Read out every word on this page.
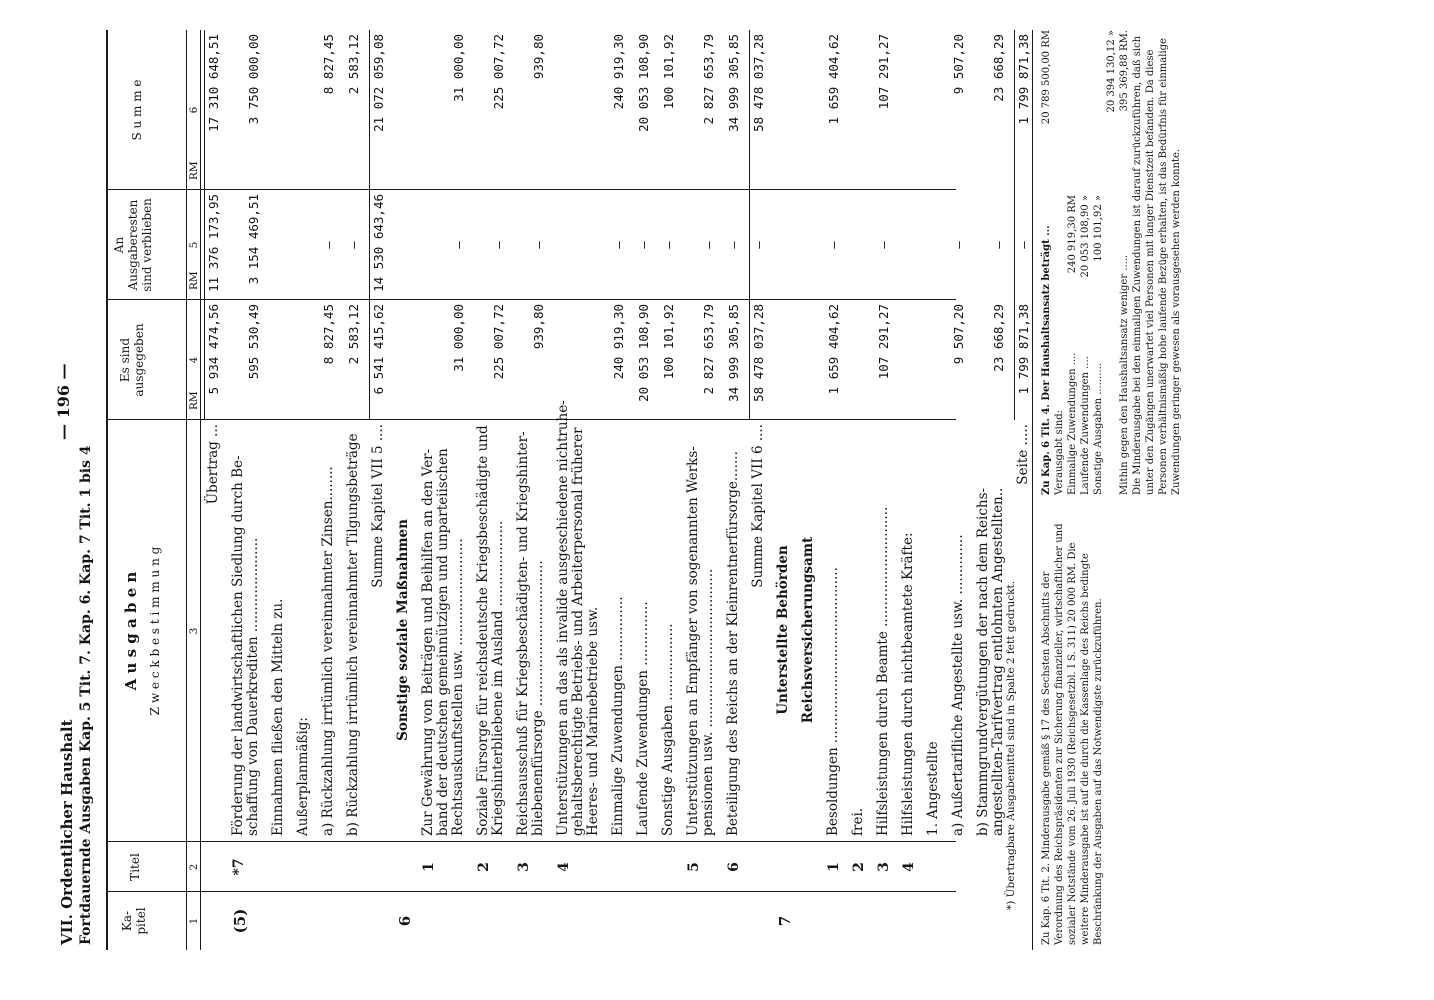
VII. Ordentlicher Haushalt
— 196 —
Fortdauernde Ausgaben Kap. 5 Tit. 7. Kap. 6. Kap. 7 Tit. 1 bis 4 Ka-
pitel
Titel
A u s g a b e n Z w e c k b e s t i m m u n g
Es sind
ausgegeben
An
Ausgaberesten
sind verblieben
S u m m e
1
2
3
4
5
6
RM
RM
RM
Übertrag ...
5 934 474,56
11 376 173,95
17 310 648,51
(5)
*7
Förderung der landwirtschaftlichen Siedlung durch Be-
schaffung von Dauerkrediten ......................
595 530,49
3 154 469,51
3 750 000,00
Einnahmen fließen den Mitteln zu. Außerplanmäßig: a) Rückzahlung irrtümlich vereinnahmter Zinsen........
8 827,45
—
8 827,45
b) Rückzahlung irrtümlich vereinnahmter Tilgungsbeträge
2 583,12
—
2 583,12
Summe Kapitel VII 5 ....
6 541 415,62
14 530 643,46
21 072 059,08
6
Sonstige soziale Maßnahmen
1
Zur Gewährung von Beiträgen und Beihilfen an den Ver-
band der deutschen gemeinnützigen und unparteiischen
Rechtsauskunftstellen usw. .........................
31 000,00
—
31 000,00
2
Soziale Fürsorge für reichsdeutsche Kriegsbeschädigte und
Kriegshinterbliebene im Ausland ....................
225 007,72
—
225 007,72
3
Reichsausschuß für Kriegsbeschädigten- und Kriegshinter-
bliebenenfürsorge ..................................
939,80
—
939,80
4
Unterstützungen an das als invalide ausgeschiedene nichtruhe-
gehaltsberechtigte Betriebs- und Arbeiterpersonal früherer
Heeres- und Marinebetriebe usw. Einmalige Zuwendungen ...............
240 919,30
—
240 919,30
Laufende Zuwendungen ...............
20 053 108,90
—
20 053 108,90
Sonstige Ausgaben ..................
100 101,92
—
100 101,92
5
Unterstützungen an Empfänger von sogenannten Werks-
pensionen usw. .....................................
2 827 653,79
—
2 827 653,79
6
Beteiligung des Reichs an der Kleinrentnerfürsorge.......
34 999 305,85
—
34 999 305,85
Summe Kapitel VII 6 ....
58 478 037,28
—
58 478 037,28
7
Unterstellte Behörden Reichsversicherungsamt
1
Besoldungen .........................................
1 659 404,62
—
1 659 404,62
2
frei.
3
Hilfsleistungen durch Beamte ............................
107 291,27
—
107 291,27
4
Hilfsleistungen durch nichtbeamtete Kräfte: 1. Angestellte a) Außertarifliche Angestellte usw. ..............
9 507,20
—
9 507,20
b) Stammgrundvergütungen der nach dem Reichs-
angestellten-Tarifvertrag entlohnten Angestellten..
23 668,29
—
23 668,29
Seite .....
1 799 871,38
—
1 799 871,38
*) Übertragbare Ausgabemittel sind in Spalte 2 fett gedruckt. Zu Kap. 6 Tit. 2. Minderausgabe gemäß § 17 des Sechsten Abschnitts der Verordnung des Reichspräsidenten zur Sicherung finanzieller, wirtschaftlicher und sozialer Notstände vom 26. Juli 1930 (Reichsgesetzbl. I S. 311) 20 000 RM. Die weitere Minderausgabe ist auf die durch die Kassenlage des Reichs bedingte Beschränkung der Ausgaben auf das Notwendigste zurückzuführen.
Zu Kap. 6 Tit. 4. Der Haushaltsansatz beträgt ...
20 789 500,00 RM
Verausgabt sind: Einmalige Zuwendungen ....
240 919,30 RM
Laufende Zuwendungen ....
20 053 108,90 »
Sonstige Ausgaben ..........
100 101,92 »
20 394 130,12 »
Mithin gegen den Haushaltsansatz weniger .....
395 369,88 RM. Die Minderausgabe bei den einmaligen Zuwendungen ist darauf zurückzuführen, daß sich unter den Zugängen unerwartet viel Personen mit langer Dienstzeit befanden. Da diese Personen verhältnismäßig hohe laufende Bezüge erhalten, ist das Bedürfnis für einmalige Zuwendungen geringer gewesen als vorausgesehen werden konnte.
